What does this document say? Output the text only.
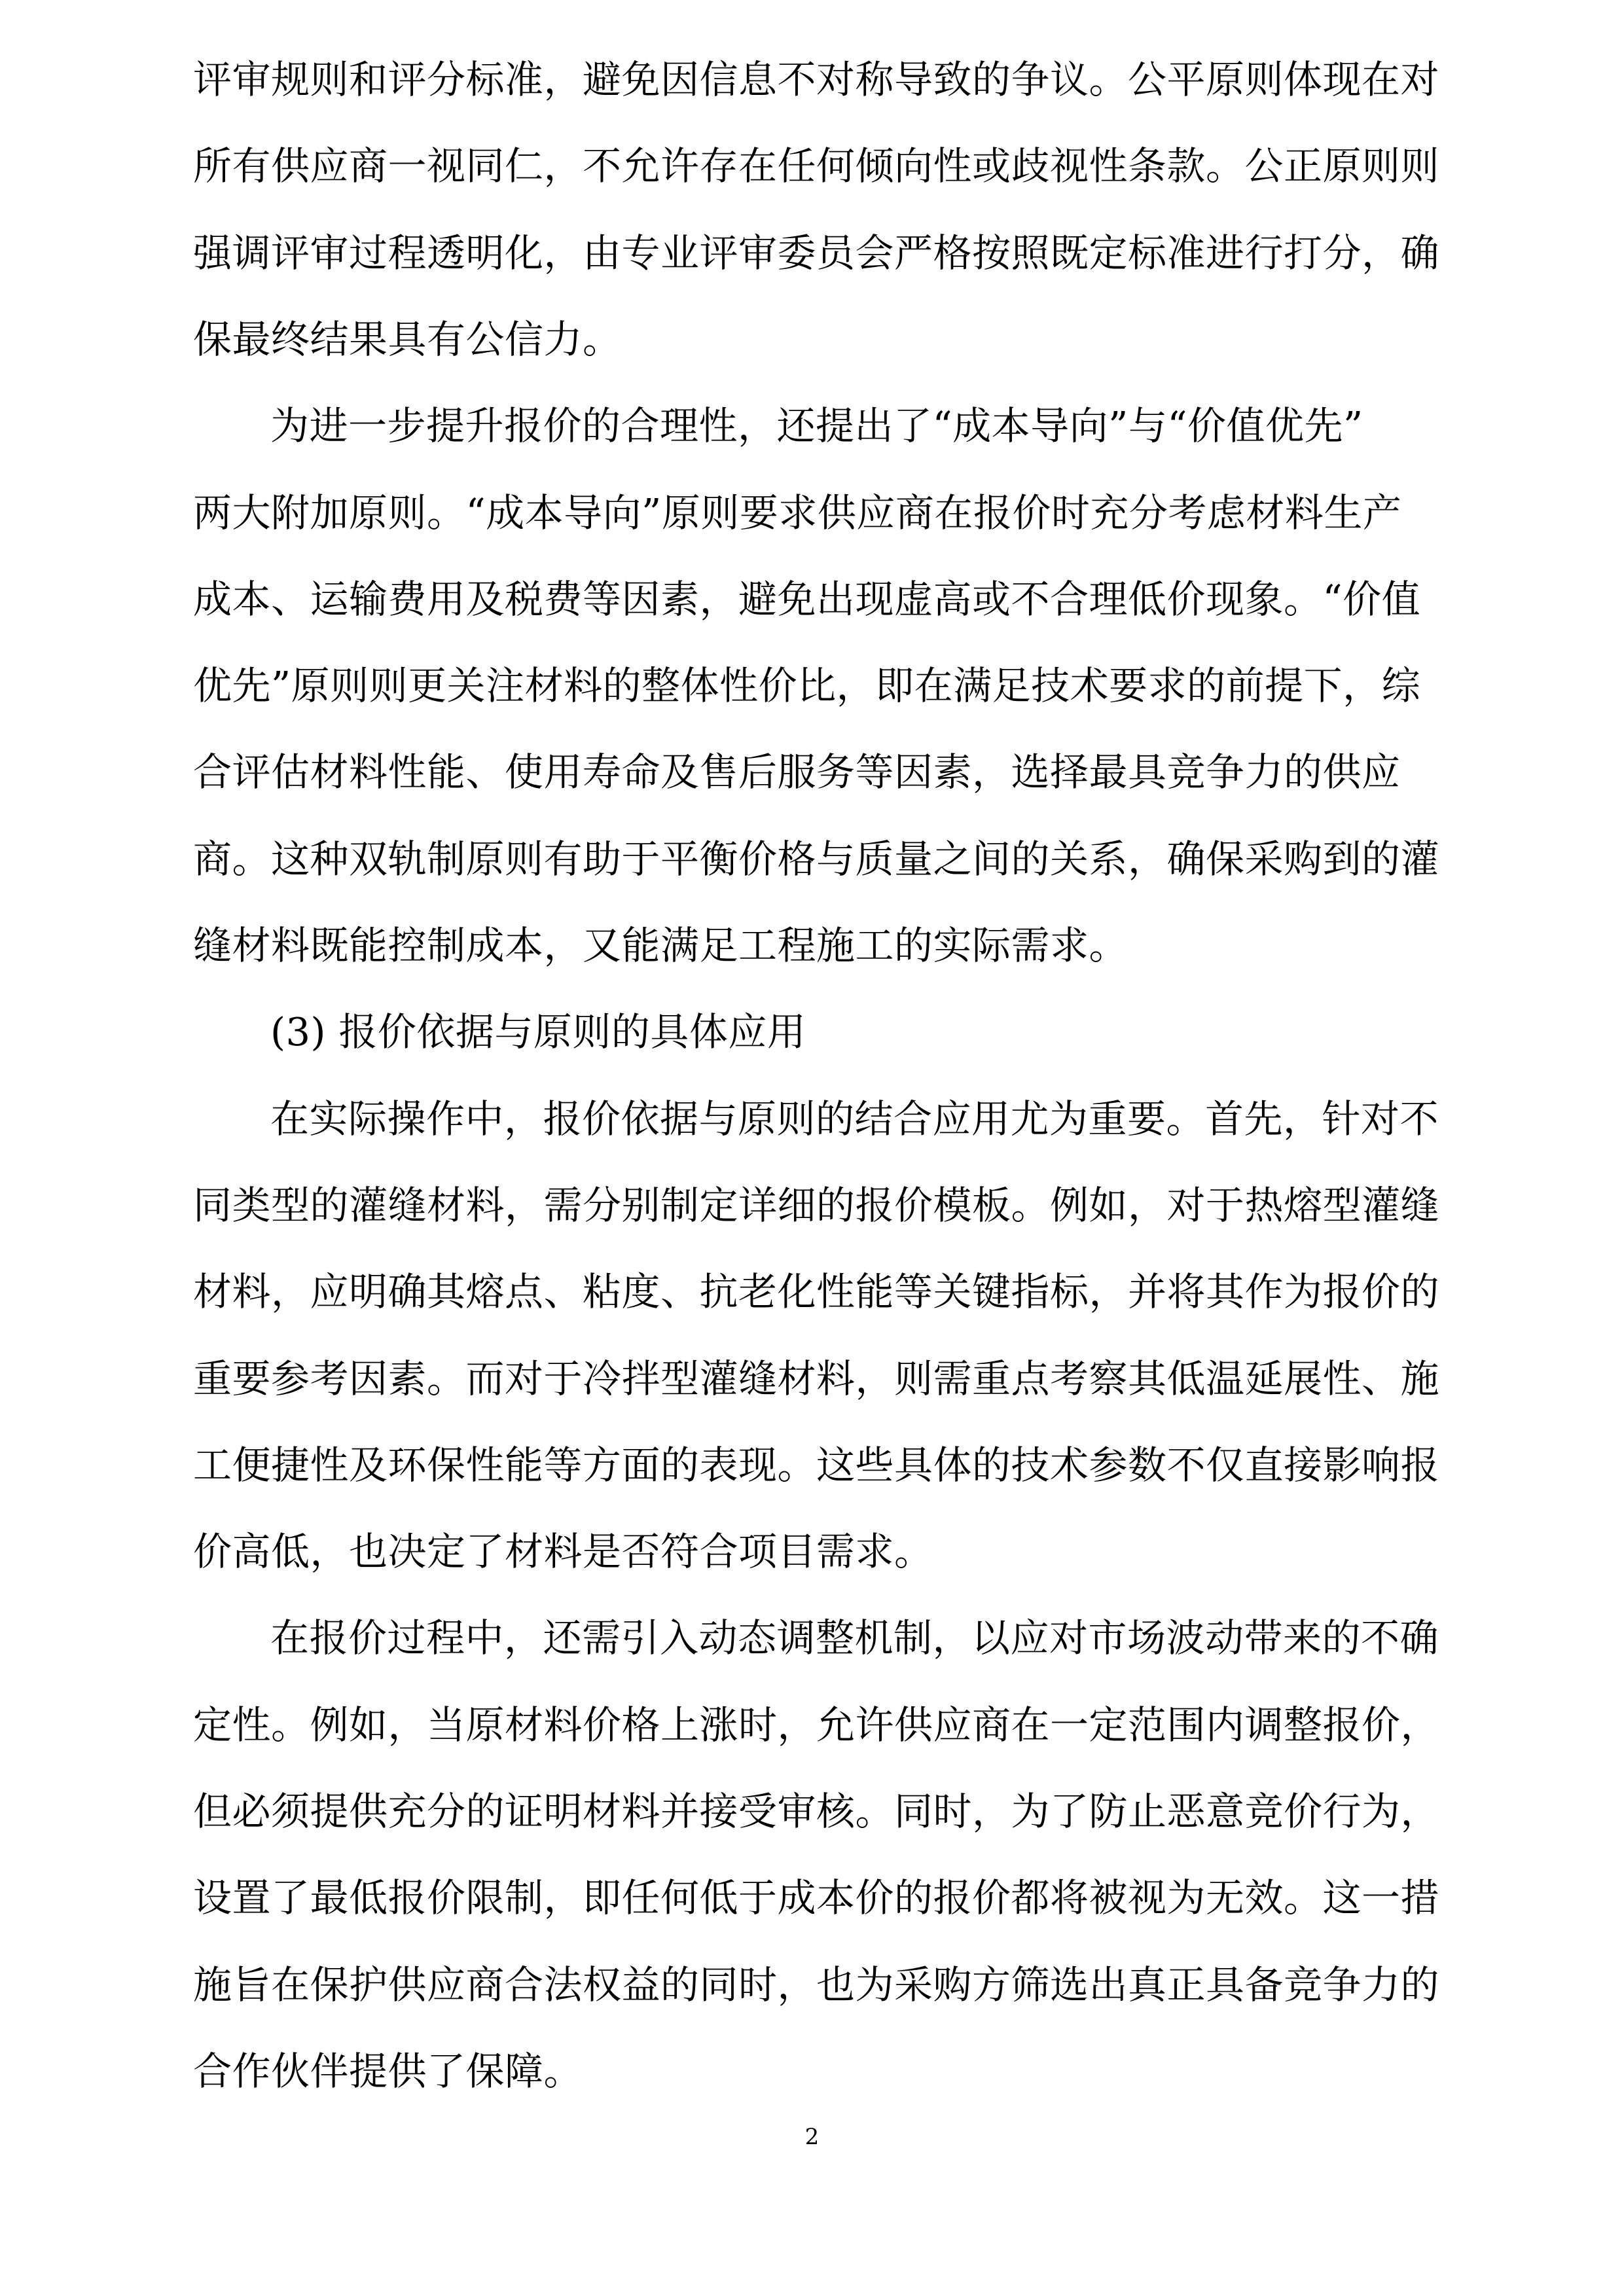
评审规则和评分标准，避免因信息不对称导致的争议。公平原则体现在对
所有供应商一视同仁，不允许存在任何倾向性或歧视性条款。公正原则则
强调评审过程透明化，由专业评审委员会严格按照既定标准进行打分，确
保最终结果具有公信力。
为进一步提升报价的合理性，还提出了“成本导向”与“价值优先”
两大附加原则。“成本导向”原则要求供应商在报价时充分考虑材料生产
成本、运输费用及税费等因素，避免出现虚高或不合理低价现象。“价值
优先”原则则更关注材料的整体性价比，即在满足技术要求的前提下，综
合评估材料性能、使用寿命及售后服务等因素，选择最具竞争力的供应
商。这种双轨制原则有助于平衡价格与质量之间的关系，确保采购到的灌
缝材料既能控制成本，又能满足工程施工的实际需求。
(3) 报价依据与原则的具体应用
在实际操作中，报价依据与原则的结合应用尤为重要。首先，针对不
同类型的灌缝材料，需分别制定详细的报价模板。例如，对于热熔型灌缝
材料，应明确其熔点、粘度、抗老化性能等关键指标，并将其作为报价的
重要参考因素。而对于冷拌型灌缝材料，则需重点考察其低温延展性、施
工便捷性及环保性能等方面的表现。这些具体的技术参数不仅直接影响报
价高低，也决定了材料是否符合项目需求。
在报价过程中，还需引入动态调整机制，以应对市场波动带来的不确
定性。例如，当原材料价格上涨时，允许供应商在一定范围内调整报价，
但必须提供充分的证明材料并接受审核。同时，为了防止恶意竞价行为，
设置了最低报价限制，即任何低于成本价的报价都将被视为无效。这一措
施旨在保护供应商合法权益的同时，也为采购方筛选出真正具备竞争力的
合作伙伴提供了保障。
2
